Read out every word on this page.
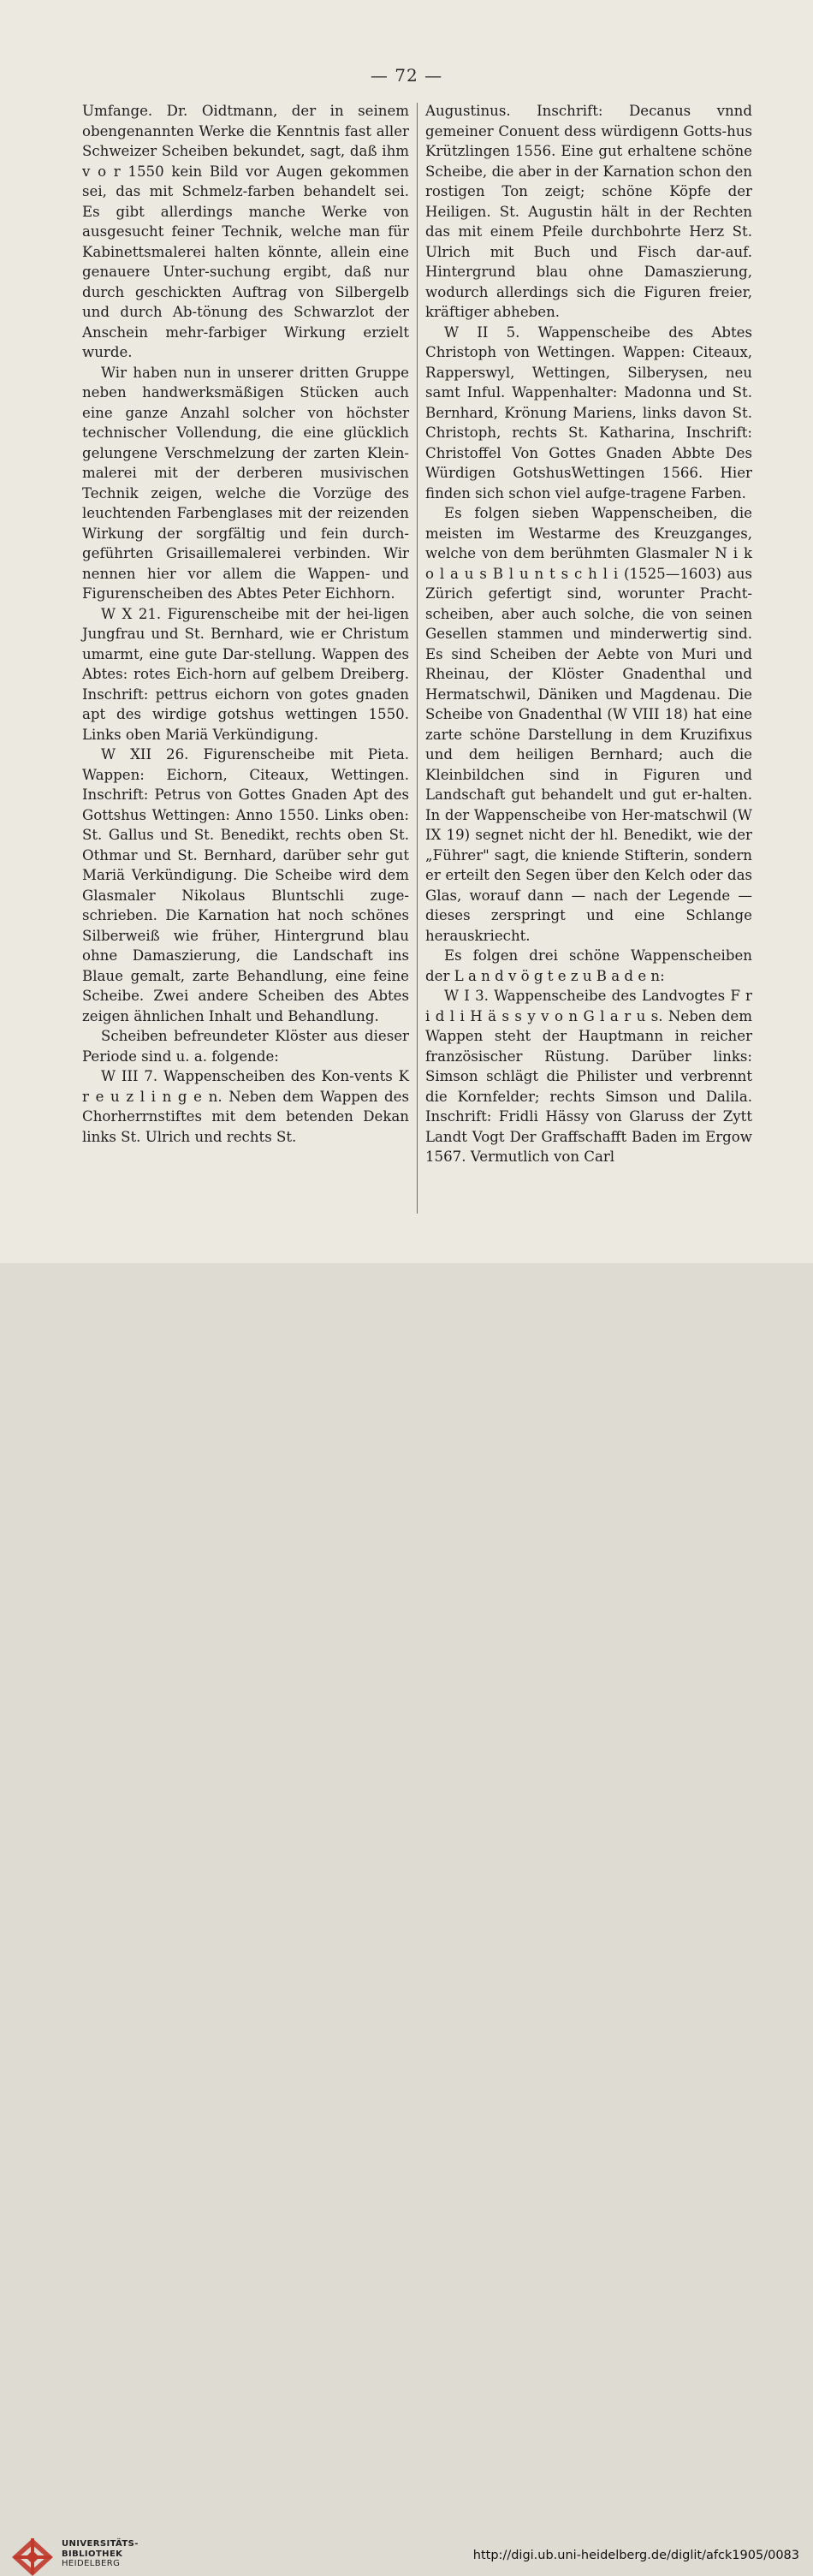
— 72 —

Umfange. Dr. Oidtmann, der in seinem obengenannten Werke die Kenntnis fast aller Schweizer Scheiben bekundet, sagt, daß ihm v o r 1550 kein Bild vor Augen gekommen sei, das mit Schmelz-farben behandelt sei. Es gibt allerdings manche Werke von ausgesucht feiner Technik, welche man für Kabinettsmalerei halten könnte, allein eine genauere Unter-suchung ergibt, daß nur durch geschickten Auftrag von Silbergelb und durch Ab-tönung des Schwarzlot der Anschein mehr-farbiger Wirkung erzielt wurde.

Wir haben nun in unserer dritten Gruppe neben handwerksmäßigen Stücken auch eine ganze Anzahl solcher von höchster technischer Vollendung, die eine glücklich gelungene Verschmelzung der zarten Klein-malerei mit der derberen musivischen Technik zeigen, welche die Vorzüge des leuchtenden Farbenglases mit der reizenden Wirkung der sorgfältig und fein durch-geführten Grisaillemalerei verbinden. Wir nennen hier vor allem die Wappen- und Figurenscheiben des Abtes Peter Eichhorn.

W X 21. Figurenscheibe mit der hei-ligen Jungfrau und St. Bernhard, wie er Christum umarmt, eine gute Dar-stellung. Wappen des Abtes: rotes Eich-horn auf gelbem Dreiberg. Inschrift: pettrus eichorn von gotes gnaden apt des wirdige gotshus wettingen 1550. Links oben Mariä Verkündigung.

W XII 26. Figurenscheibe mit Pieta. Wappen: Eichorn, Citeaux, Wettingen. Inschrift: Petrus von Gottes Gnaden Apt des Gottshus Wettingen: Anno 1550. Links oben: St. Gallus und St. Benedikt, rechts oben St. Othmar und St. Bernhard, darüber sehr gut Mariä Verkündigung. Die Scheibe wird dem Glasmaler Nikolaus Bluntschli zuge-schrieben. Die Karnation hat noch schönes Silberweiß wie früher, Hintergrund blau ohne Damaszierung, die Landschaft ins Blaue gemalt, zarte Behandlung, eine feine Scheibe. Zwei andere Scheiben des Abtes zeigen ähnlichen Inhalt und Behandlung.

Scheiben befreundeter Klöster aus dieser Periode sind u. a. folgende:

W III 7. Wappenscheiben des Kon-vents K r e u z l i n g e n. Neben dem Wappen des Chorherrnstiftes mit dem betenden Dekan links St. Ulrich und rechts St.

Augustinus. Inschrift: Decanus vnnd gemeiner Conuent dess würdigenn Gotts-hus Krützlingen 1556. Eine gut erhaltene schöne Scheibe, die aber in der Karnation schon den rostigen Ton zeigt; schöne Köpfe der Heiligen. St. Augustin hält in der Rechten das mit einem Pfeile durchbohrte Herz St. Ulrich mit Buch und Fisch dar-auf. Hintergrund blau ohne Damaszierung, wodurch allerdings sich die Figuren freier, kräftiger abheben.

W II 5. Wappenscheibe des Abtes Christoph von Wettingen. Wappen: Citeaux, Rapperswyl, Wettingen, Silberysen, neu samt Inful. Wappenhalter: Madonna und St. Bernhard, Krönung Mariens, links davon St. Christoph, rechts St. Katharina, Inschrift: Christoffel Von Gottes Gnaden Abbte Des Würdigen GotshusWettingen 1566. Hier finden sich schon viel aufge-tragene Farben.

Es folgen sieben Wappenscheiben, die meisten im Westarme des Kreuzganges, welche von dem berühmten Glasmaler N i k o l a u s B l u n t s c h l i (1525—1603) aus Zürich gefertigt sind, worunter Pracht-scheiben, aber auch solche, die von seinen Gesellen stammen und minderwertig sind. Es sind Scheiben der Aebte von Muri und Rheinau, der Klöster Gnadenthal und Hermatschwil, Däniken und Magdenau. Die Scheibe von Gnadenthal (W VIII 18) hat eine zarte schöne Darstellung in dem Kruzifixus und dem heiligen Bernhard; auch die Kleinbildchen sind in Figuren und Landschaft gut behandelt und gut er-halten. In der Wappenscheibe von Her-matschwil (W IX 19) segnet nicht der hl. Benedikt, wie der „Führer" sagt, die kniende Stifterin, sondern er erteilt den Segen über den Kelch oder das Glas, worauf dann — nach der Legende — dieses zerspringt und eine Schlange herauskriecht.

Es folgen drei schöne Wappenscheiben der L a n d v ö g t e z u B a d e n:

W I 3. Wappenscheibe des Landvogtes F r i d l i H ä s s y v o n G l a r u s. Neben dem Wappen steht der Hauptmann in reicher französischer Rüstung. Darüber links: Simson schlägt die Philister und verbrennt die Kornfelder; rechts Simson und Dalila. Inschrift: Fridli Hässy von Glaruss der Zytt Landt Vogt Der Graffschafft Baden im Ergow 1567. Vermutlich von Carl

UNIVERSITÄTS-
BIBLIOTHEK
HEIDELBERG
http://digi.ub.uni-heidelberg.de/diglit/afck1905/0083
